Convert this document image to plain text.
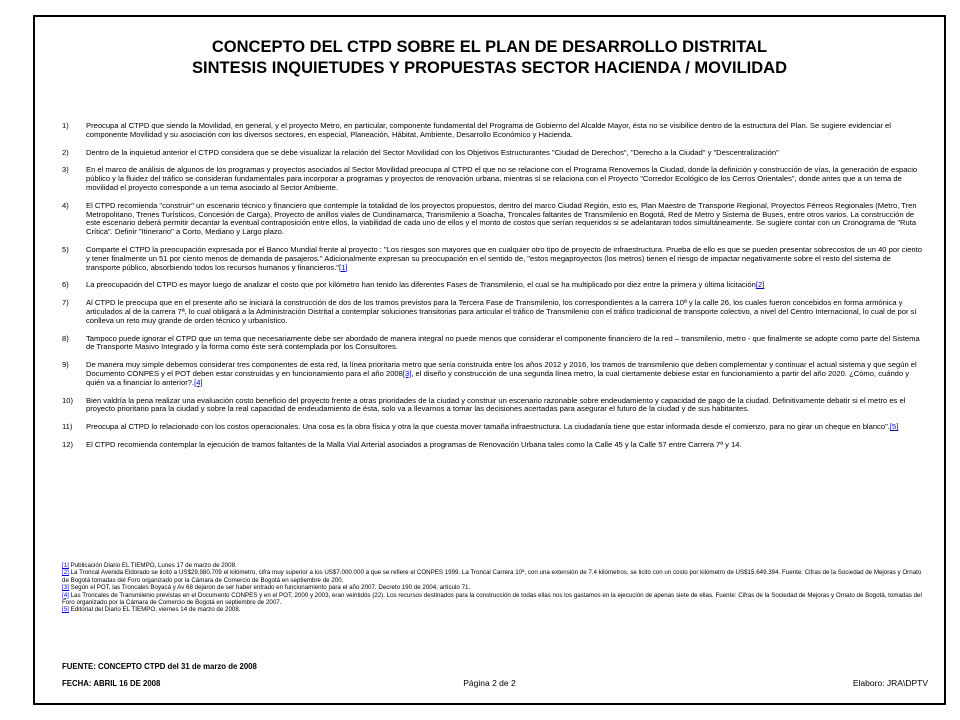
CONCEPTO DEL CTPD SOBRE EL PLAN DE DESARROLLO DISTRITAL
SINTESIS INQUIETUDES Y PROPUESTAS SECTOR HACIENDA / MOVILIDAD
1)	Preocupa al CTPD que siendo la Movilidad, en general, y el proyecto Metro, en particular, componente fundamental del Programa de Gobierno del Alcalde Mayor, ésta no se visibilice dentro de la estructura del Plan. Se sugiere evidenciar el componente Movilidad y su asociación con los diversos sectores, en especial, Planeación, Hábitat, Ambiente, Desarrollo Económico y Hacienda.
2)	Dentro de la inquietud anterior el CTPD considera que se debe visualizar la relación del Sector Movilidad con los Objetivos Estructurantes "Ciudad de Derechos", "Derecho a la Ciudad" y "Descentralización"
3)	En el marco de análisis de algunos de los programas y proyectos asociados al Sector Movilidad preocupa al CTPD el que no se relacione con el Programa Renovemos la Ciudad, donde la definición y construcción de vías, la generación de espacio público y la fluidez del tráfico se consideran fundamentales para incorporar a programas y proyectos de renovación urbana, mientras sí se relaciona con el Proyecto "Corredor Ecológico de los Cerros Orientales", donde antes que a un tema de movilidad el proyecto corresponde a un tema asociado al Sector Ambiente.
4)	El CTPD recomienda "construir" un escenario técnico y financiero que contemple la totalidad de los proyectos propuestos, dentro del marco Ciudad Región, esto es, Plan Maestro de Transporte Regional, Proyectos Férreos Regionales (Metro, Tren Metropolitano, Trenes Turísticos, Concesión de Carga), Proyecto de anillos viales de Cundinamarca, Transmilenio a Soacha, Troncales faltantes de Transmilenio en Bogotá, Red de Metro y Sistema de Buses, entre otros varios. La construcción de este escenario deberá permitir decantar la eventual contraposición entre ellos, la viabilidad de cada uno de ellos y el monto de costos que serían requeridos si se adelantaran todos simultáneamente. Se sugiere contar con un Cronograma de "Ruta Crítica". Definir "Itinerario" a Corto, Mediano y Largo plazo.
5)	Comparte el CTPD la preocupación expresada por el Banco Mundial frente al proyecto : "Los riesgos son mayores que en cualquier otro tipo de proyecto de infraestructura. Prueba de ello es que se pueden presentar sobrecostos de un 40 por ciento y tener finalmente un 51 por ciento menos de demanda de pasajeros." Adicionalmente expresan su preocupación en el sentido de, "estos megaproyectos (los metros) tienen el riesgo de impactar negativamente sobre el resto del sistema de transporte público, absorbiendo todos los recursos humanos y financieros."[1]
6)	La preocupación del CTPD es mayor luego de analizar el costo que por kilómetro han tenido las diferentes Fases de Transmilenio, el cual se ha multiplicado por diez entre la primera y última licitación[2]
7)	Al CTPD le preocupa que en el presente año se iniciará la construcción de dos de los tramos previstos para la Tercera Fase de Transmilenio, los correspondientes a la carrera 10ª y la calle 26, los cuales fueron concebidos en forma armónica y articulados al de la carrera 7ª, lo cual obligará a la Administración Distrital a contemplar soluciones transitorias para articular el tráfico de Transmilenio con el tráfico tradicional de transporte colectivo, a nivel del Centro Internacional, lo cual de por sí conlleva un reto muy grande de orden técnico y urbanístico.
8)	Tampoco puede ignorar el CTPD que un tema que necesariamente debe ser abordado de manera integral no puede menos que considerar el componente financiero de la red – transmilenio, metro - que finalmente se adopte como parte del Sistema de Transporte Masivo Integrado y la forma como éste será contemplada por los Consultores.
9)	De manera muy simple debemos considerar tres componentes de esta red, la línea prioritaria metro que sería construida entre los años 2012 y 2016, los tramos de transmilenio que deben complementar y continuar el actual sistema y que según el Documento CONPES y el POT deben estar construidas y en funcionamiento para el año 2008[3], el diseño y construcción de una segunda línea metro, la cual ciertamente debiese estar en funcionamiento a partir del año 2020. ¿Cómo, cuándo y quién va a financiar lo anterior?.[4]
10)	Bien valdría la pena realizar una evaluación costo beneficio del proyecto frente a otras prioridades de la ciudad y construir un escenario razonable sobre endeudamiento y capacidad de pago de la ciudad. Definitivamente debatir si el metro es el proyecto prioritario para la ciudad y sobre la real capacidad de endeudamiento de ésta, solo va a llevarnos a tomar las decisiones acertadas para asegurar el futuro de la ciudad y de sus habitantes.
11)	Preocupa al CTPD lo relacionado con los costos operacionales. Una cosa es la obra física y otra la que cuesta mover tamaña infraestructura. La ciudadanía tiene que estar informada desde el comienzo, para no girar un cheque en blanco".[5]
12)	El CTPD recomienda contemplar la ejecución de tramos faltantes de la Malla Vial Arterial asociados a programas de Renovación Urbana tales como la Calle 45 y la Calle 57 entre Carrera 7ª y 14.

[1] Publicación Diario EL TIEMPO, Lunes 17 de marzo de 2008.

[2] La Troncal Avenida Eldorado se licitó a US$29.980.709 el kilómetro, cifra muy superior a los US$7.000.000 a que se refiere el CONPES 1999. La Troncal Carrera 10ª, con una extensión de 7.4 kilómetros, se licitó con un costo por kilómetro de US$15.649.394. Fuente: Cifras de la Sociedad de Mejoras y Ornato de Bogotá tomadas del Foro organizado por la Cámara de Comercio de Bogotá en septiembre de 200.

[3] Según el POT, las Troncales Boyacá y Av 68 dejaron de ser haber entrado en funcionamiento para el año 2007. Decreto 190 de 2004, artículo 71.

[4] Las Troncales de Transmilenio previstas en el Documento CONPES y en el POT, 2000 y 2003, eran veintidós (22). Los recursos destinados para la construcción de todas ellas nos los gastamos en la ejecución de apenas siete de ellas. Fuente: Cifras de la Sociedad de Mejoras y Ornato de Bogotá, tomadas del Foro organizado por la Cámara de Comercio de Bogotá en septiembre de 2007.

[5] Editorial del Diario EL TIEMPO, viernes 14 de marzo de 2008.

FUENTE: CONCEPTO CTPD del 31 de marzo de 2008
FECHA: ABRIL 16 DE 2008	Página 2 de 2	Elaboro: JRA\DPTV
